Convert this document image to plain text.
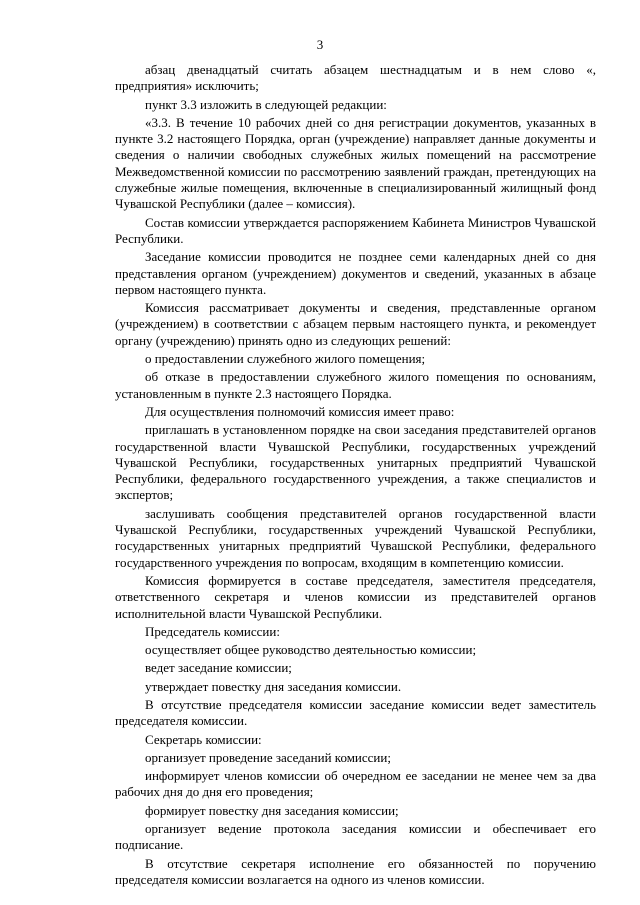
3

абзац двенадцатый считать абзацем шестнадцатым и в нем слово «, предприятия» исключить;

пункт 3.3 изложить в следующей редакции:

«3.3. В течение 10 рабочих дней со дня регистрации документов, указанных в пункте 3.2 настоящего Порядка, орган (учреждение) направляет данные документы и сведения о наличии свободных служебных жилых помещений на рассмотрение Межведомственной комиссии по рассмотрению заявлений граждан, претендующих на служебные жилые помещения, включенные в специализированный жилищный фонд Чувашской Республики (далее – комиссия).

Состав комиссии утверждается распоряжением Кабинета Министров Чувашской Республики.

Заседание комиссии проводится не позднее семи календарных дней со дня представления органом (учреждением) документов и сведений, указанных в абзаце первом настоящего пункта.

Комиссия рассматривает документы и сведения, представленные органом (учреждением) в соответствии с абзацем первым настоящего пункта, и рекомендует органу (учреждению) принять одно из следующих решений:

о предоставлении служебного жилого помещения;

об отказе в предоставлении служебного жилого помещения по основаниям, установленным в пункте 2.3 настоящего Порядка.

Для осуществления полномочий комиссия имеет право:

приглашать в установленном порядке на свои заседания представителей органов государственной власти Чувашской Республики, государственных учреждений Чувашской Республики, государственных унитарных предприятий Чувашской Республики, федерального государственного учреждения, а также специалистов и экспертов;

заслушивать сообщения представителей органов государственной власти Чувашской Республики, государственных учреждений Чувашской Республики, государственных унитарных предприятий Чувашской Республики, федерального государственного учреждения по вопросам, входящим в компетенцию комиссии.

Комиссия формируется в составе председателя, заместителя председателя, ответственного секретаря и членов комиссии из представителей органов исполнительной власти Чувашской Республики.

Председатель комиссии:

осуществляет общее руководство деятельностью комиссии;

ведет заседание комиссии;

утверждает повестку дня заседания комиссии.

В отсутствие председателя комиссии заседание комиссии ведет заместитель председателя комиссии.

Секретарь комиссии:

организует проведение заседаний комиссии;

информирует членов комиссии об очередном ее заседании не менее чем за два рабочих дня до дня его проведения;

формирует повестку дня заседания комиссии;

организует ведение протокола заседания комиссии и обеспечивает его подписание.

В отсутствие секретаря исполнение его обязанностей по поручению председателя комиссии возлагается на одного из членов комиссии.
